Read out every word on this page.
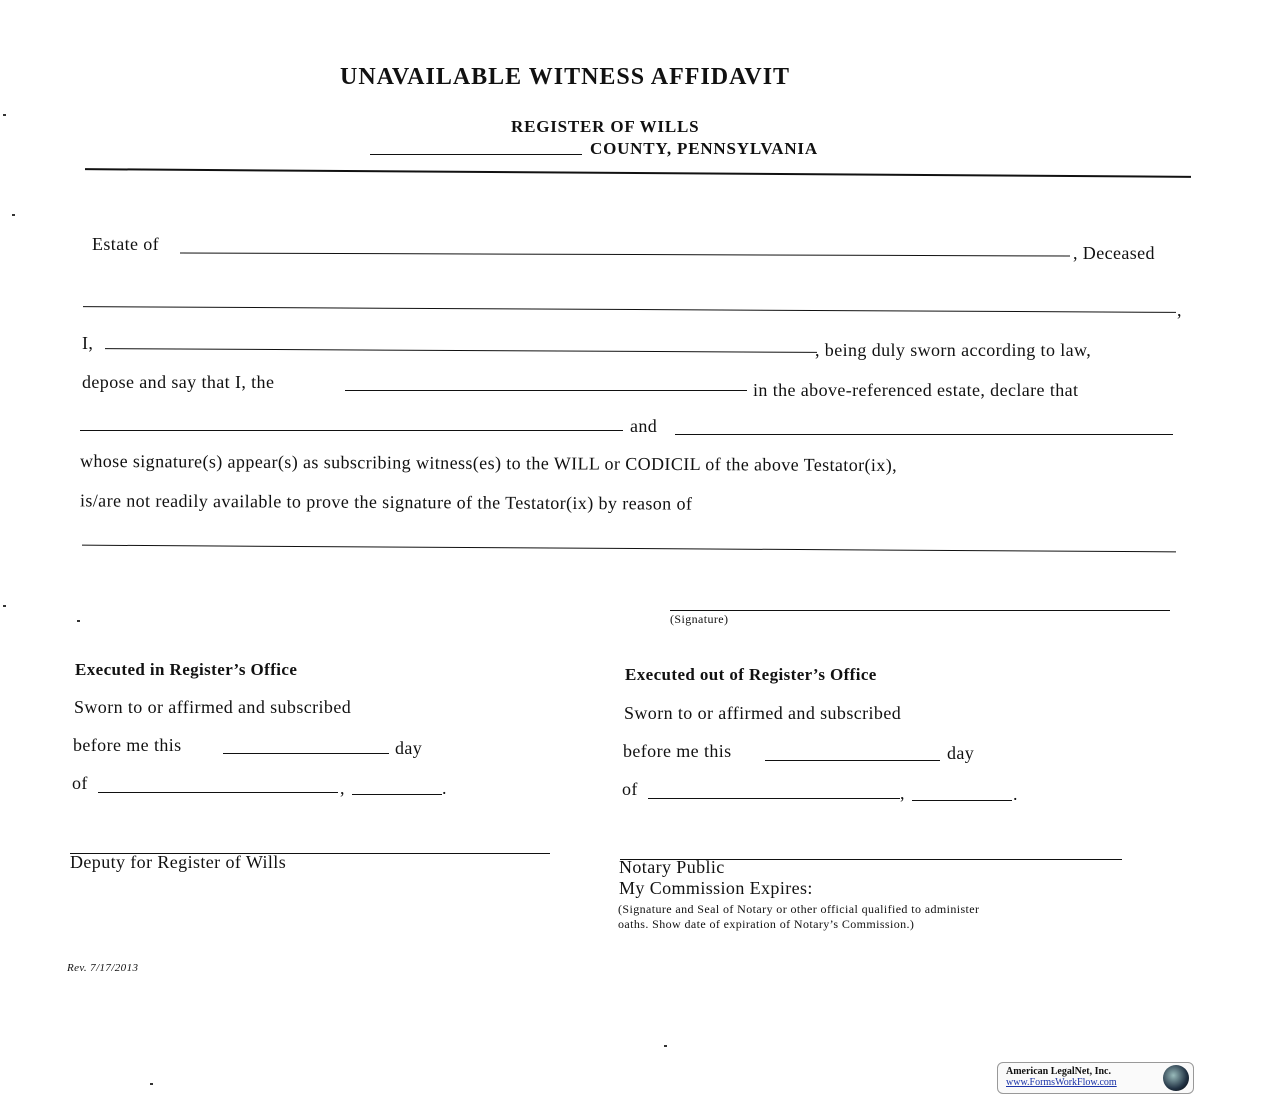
UNAVAILABLE WITNESS AFFIDAVIT
REGISTER OF WILLS
COUNTY, PENNSYLVANIA
Estate of	, Deceased
,
I,	, being duly sworn according to law,
depose and say that I, the	in the above-referenced estate, declare that
and
whose signature(s) appear(s) as subscribing witness(es) to the WILL or CODICIL of the above Testator(ix),
is/are not readily available to prove the signature of the Testator(ix) by reason of
(Signature)
Executed in Register’s Office
Sworn to or affirmed and subscribed
before me this	day
of	,	.
Deputy for Register of Wills
Executed out of Register’s Office
Sworn to or affirmed and subscribed
before me this	day
of	,	.
Notary Public
My Commission Expires:
(Signature and Seal of Notary or other official qualified to administer
oaths. Show date of expiration of Notary’s Commission.)
Rev. 7/17/2013
American LegalNet, Inc.
www.FormsWorkFlow.com
